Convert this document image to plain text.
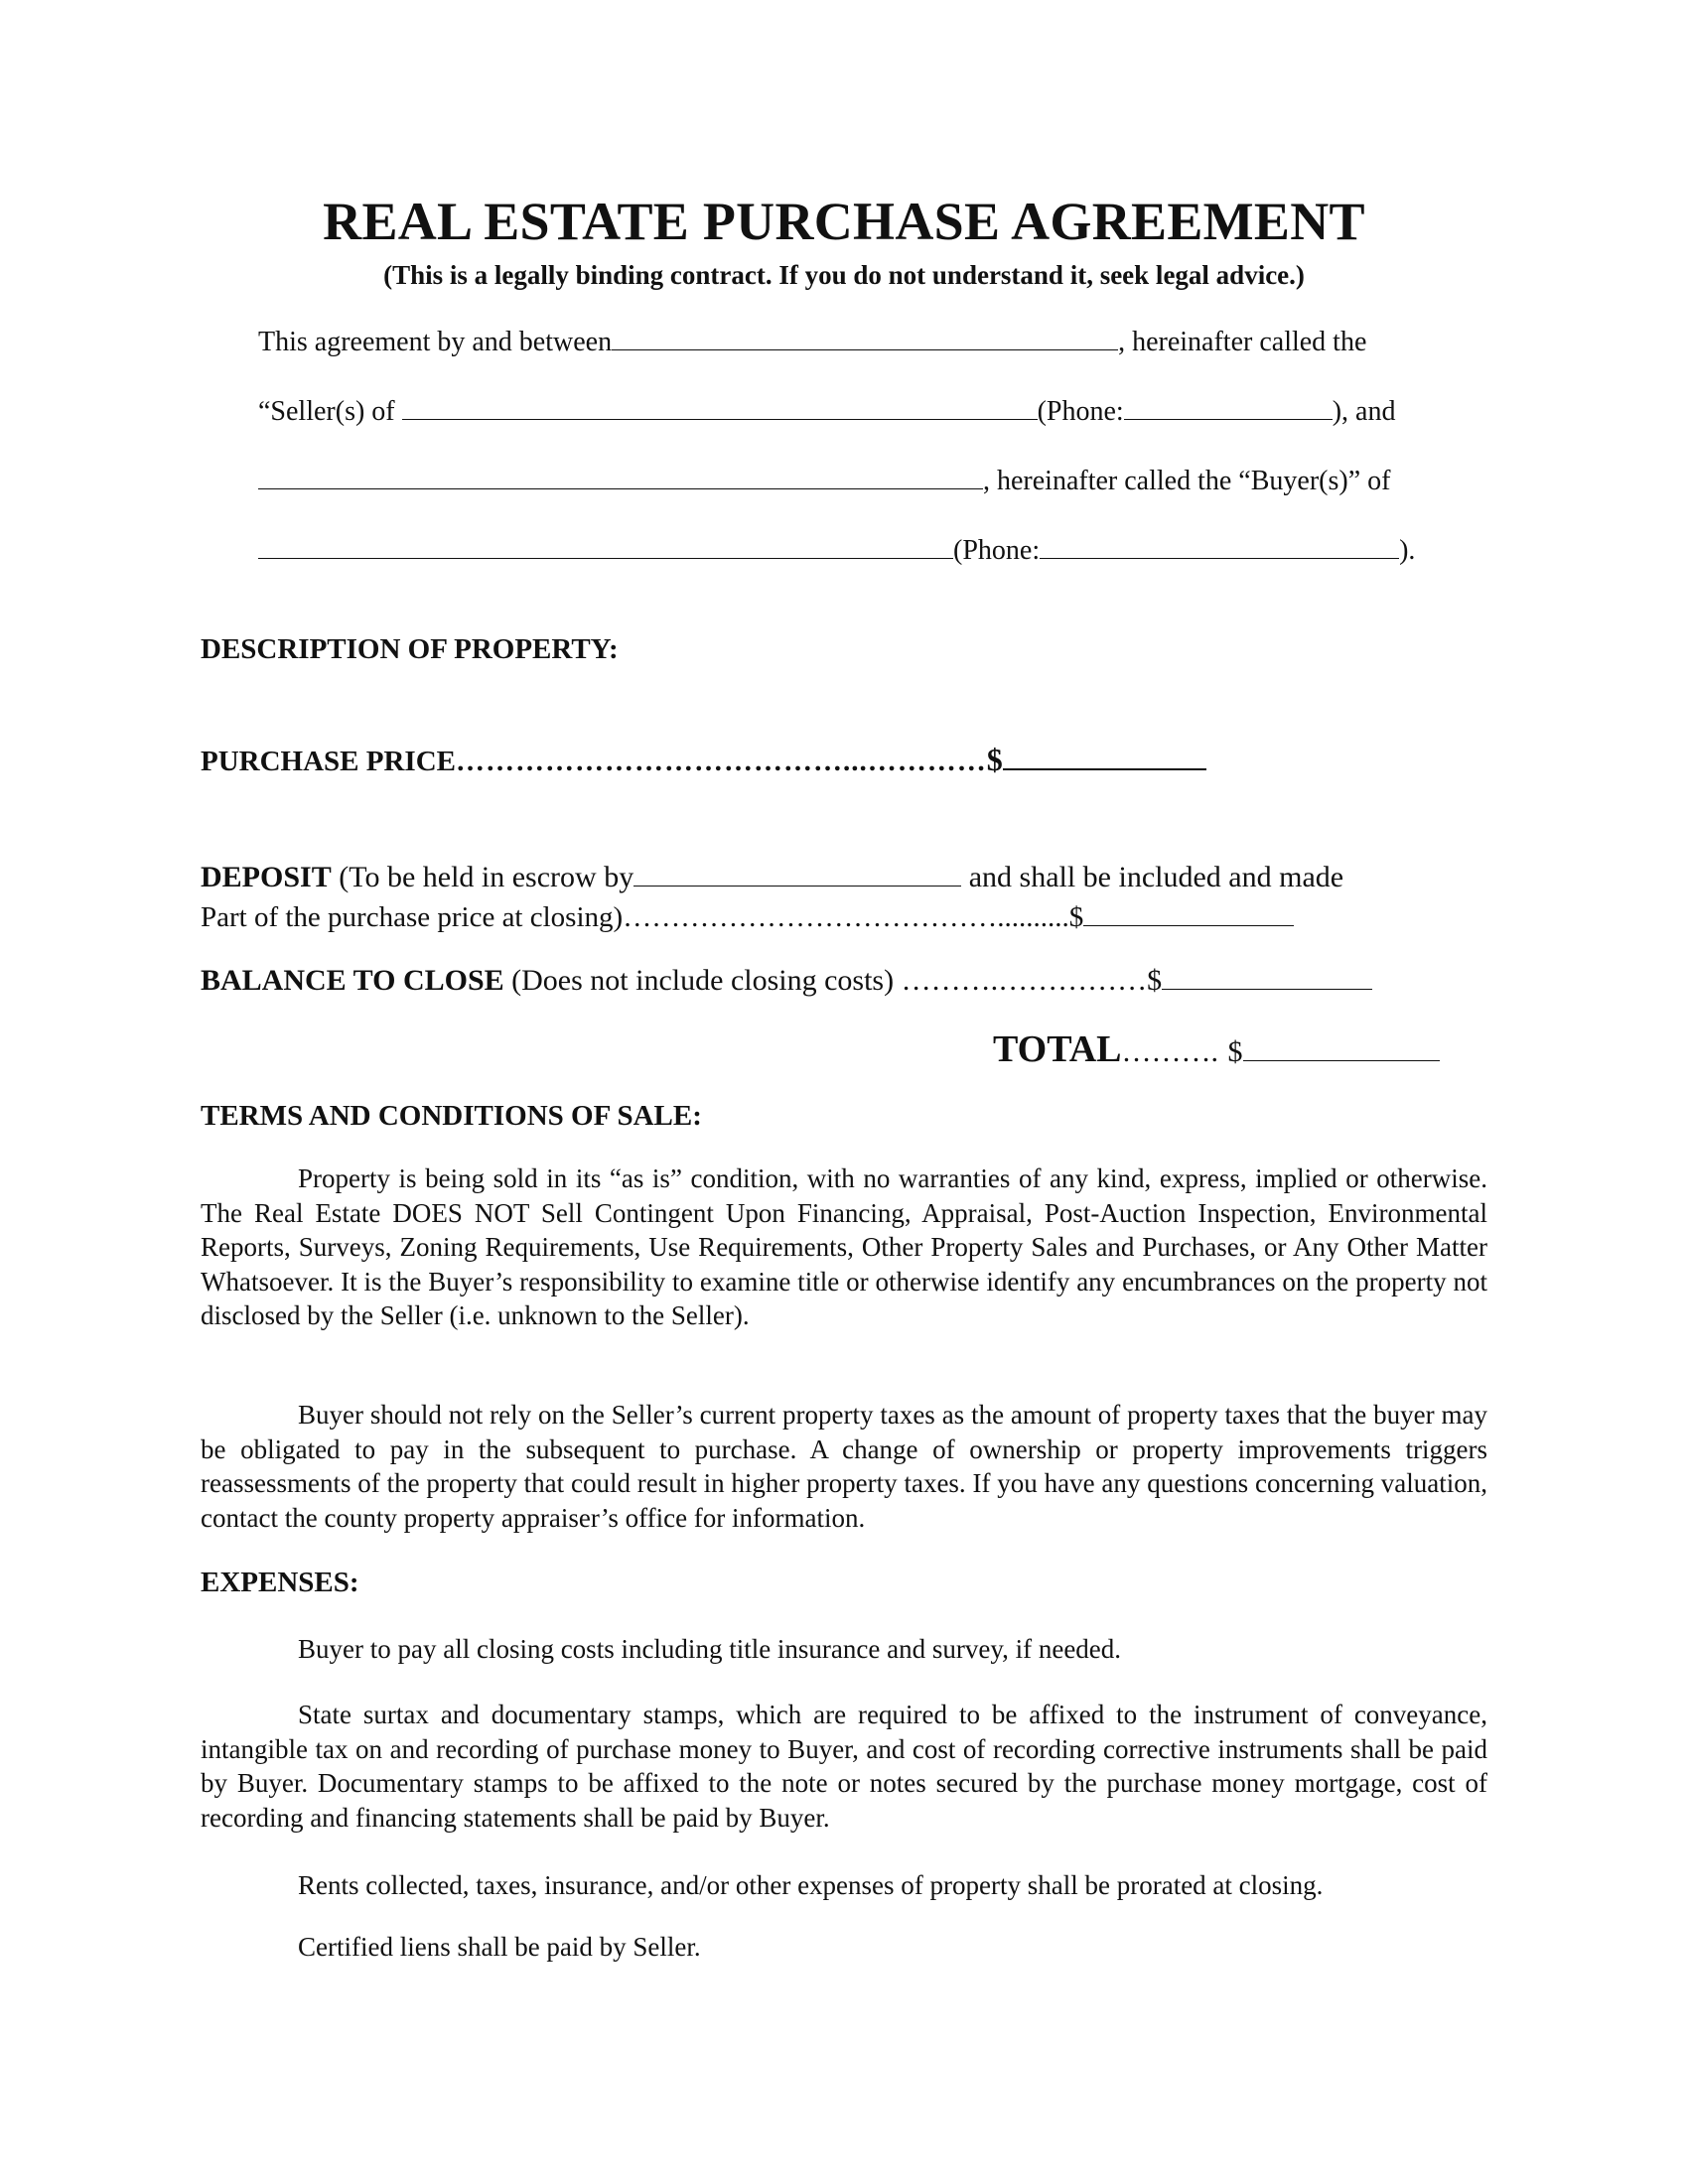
REAL ESTATE PURCHASE AGREEMENT
(This is a legally binding contract. If you do not understand it, seek legal advice.)
This agreement by and between	, hereinafter called the
“Seller(s) of	(Phone:	), and
, hereinafter called the “Buyer(s)” of
(Phone:	).
DESCRIPTION OF PROPERTY:
PURCHASE PRICE…………………………………...…………$
DEPOSIT (To be held in escrow by	and shall be included and made
Part of the purchase price at closing)…………………………………..........$
BALANCE TO CLOSE (Does not include closing costs) ……….……………$
TOTAL………. $
TERMS AND CONDITIONS OF SALE:

Property is being sold in its “as is” condition, with no warranties of any kind, express, implied or otherwise. The Real Estate DOES NOT Sell Contingent Upon Financing, Appraisal, Post-Auction Inspection, Environmental Reports, Surveys, Zoning Requirements, Use Requirements, Other Property Sales and Purchases, or Any Other Matter Whatsoever. It is the Buyer’s responsibility to examine title or otherwise identify any encumbrances on the property not disclosed by the Seller (i.e. unknown to the Seller).

Buyer should not rely on the Seller’s current property taxes as the amount of property taxes that the buyer may be obligated to pay in the subsequent to purchase. A change of ownership or property improvements triggers reassessments of the property that could result in higher property taxes. If you have any questions concerning valuation, contact the county property appraiser’s office for information.

EXPENSES:
Buyer to pay all closing costs including title insurance and survey, if needed.

State surtax and documentary stamps, which are required to be affixed to the instrument of conveyance, intangible tax on and recording of purchase money to Buyer, and cost of recording corrective instruments shall be paid by Buyer. Documentary stamps to be affixed to the note or notes secured by the purchase money mortgage, cost of recording and financing statements shall be paid by Buyer.

Rents collected, taxes, insurance, and/or other expenses of property shall be prorated at closing.
Certified liens shall be paid by Seller.
